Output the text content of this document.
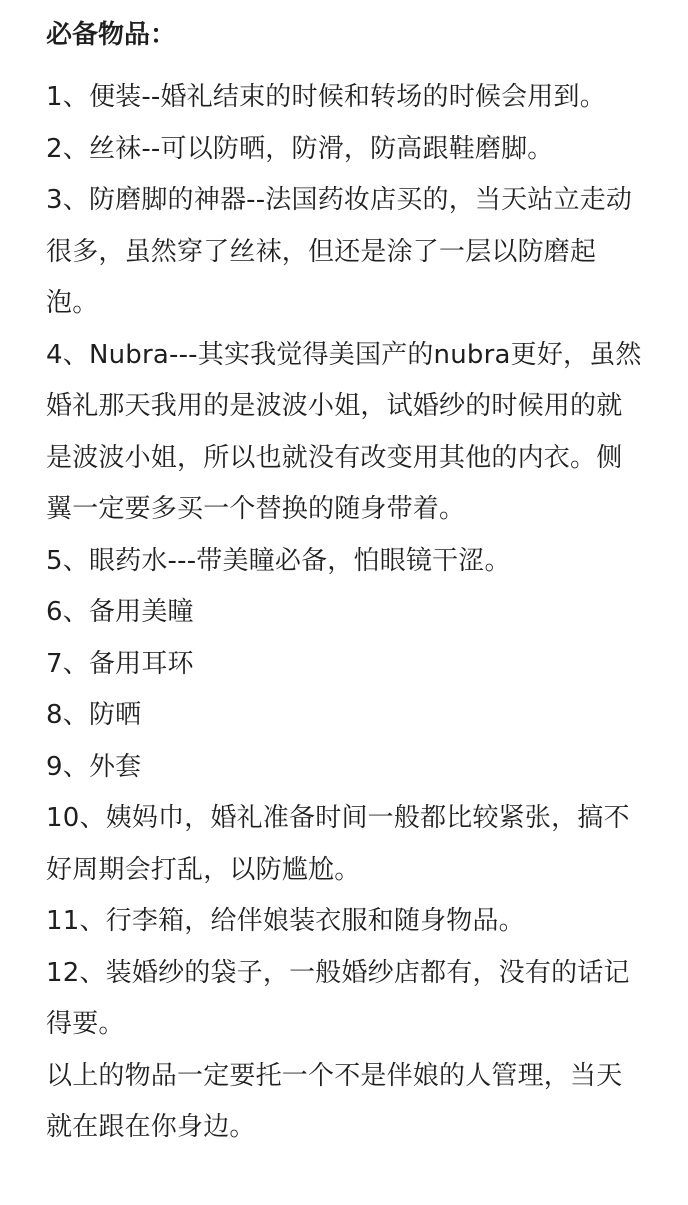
必备物品：

1、便装--婚礼结束的时候和转场的时候会用到。

2、丝袜--可以防晒，防滑，防高跟鞋磨脚。

3、防磨脚的神器--法国药妆店买的，当天站立走动很多，虽然穿了丝袜，但还是涂了一层以防磨起泡。

4、Nubra---其实我觉得美国产的nubra更好，虽然婚礼那天我用的是波波小姐，试婚纱的时候用的就是波波小姐，所以也就没有改变用其他的内衣。侧翼一定要多买一个替换的随身带着。

5、眼药水---带美瞳必备，怕眼镜干涩。

6、备用美瞳

7、备用耳环

8、防晒

9、外套

10、姨妈巾，婚礼准备时间一般都比较紧张，搞不好周期会打乱，以防尴尬。

11、行李箱，给伴娘装衣服和随身物品。

12、装婚纱的袋子，一般婚纱店都有，没有的话记得要。

以上的物品一定要托一个不是伴娘的人管理，当天就在跟在你身边。
